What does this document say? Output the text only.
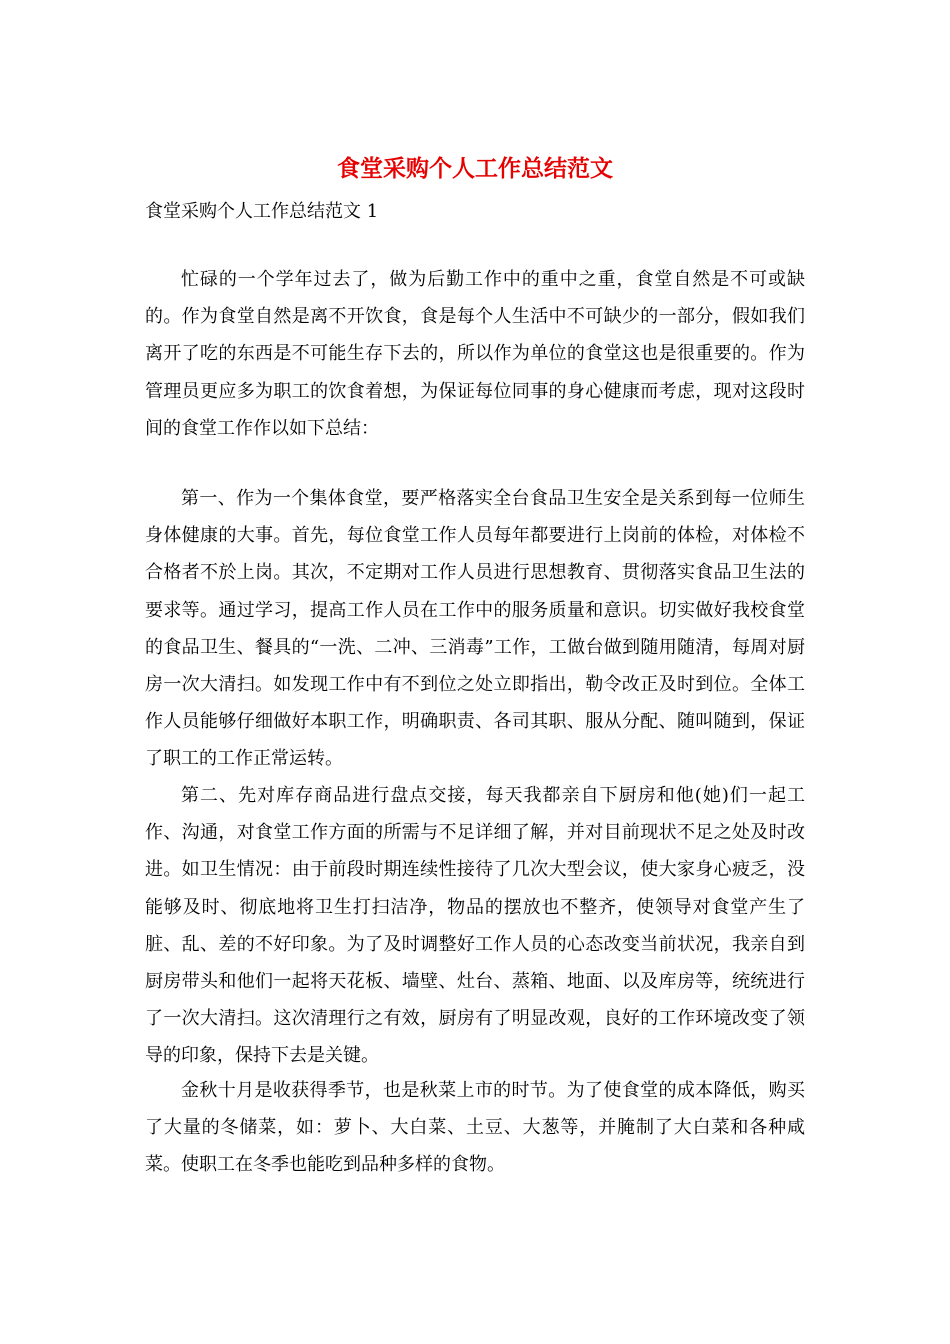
食堂采购个人工作总结范文

食堂采购个人工作总结范文 1

忙碌的一个学年过去了，做为后勤工作中的重中之重，食堂自然是不可或缺的。作为食堂自然是离不开饮食，食是每个人生活中不可缺少的一部分，假如我们离开了吃的东西是不可能生存下去的，所以作为单位的食堂这也是很重要的。作为管理员更应多为职工的饮食着想，为保证每位同事的身心健康而考虑，现对这段时间的食堂工作作以如下总结：

第一、作为一个集体食堂，要严格落实全台食品卫生安全是关系到每一位师生身体健康的大事。首先，每位食堂工作人员每年都要进行上岗前的体检，对体检不合格者不於上岗。其次，不定期对工作人员进行思想教育、贯彻落实食品卫生法的要求等。通过学习，提高工作人员在工作中的服务质量和意识。切实做好我校食堂的食品卫生、餐具的“一洗、二冲、三消毒”工作，工做台做到随用随清，每周对厨房一次大清扫。如发现工作中有不到位之处立即指出，勒令改正及时到位。全体工作人员能够仔细做好本职工作，明确职责、各司其职、服从分配、随叫随到，保证了职工的工作正常运转。

第二、先对库存商品进行盘点交接，每天我都亲自下厨房和他(她)们一起工作、沟通，对食堂工作方面的所需与不足详细了解，并对目前现状不足之处及时改进。如卫生情况：由于前段时期连续性接待了几次大型会议，使大家身心疲乏，没能够及时、彻底地将卫生打扫洁净，物品的摆放也不整齐，使领导对食堂产生了脏、乱、差的不好印象。为了及时调整好工作人员的心态改变当前状况，我亲自到厨房带头和他们一起将天花板、墙壁、灶台、蒸箱、地面、以及库房等，统统进行了一次大清扫。这次清理行之有效，厨房有了明显改观，良好的工作环境改变了领导的印象，保持下去是关键。

金秋十月是收获得季节，也是秋菜上市的时节。为了使食堂的成本降低，购买了大量的冬储菜，如：萝卜、大白菜、土豆、大葱等，并腌制了大白菜和各种咸菜。使职工在冬季也能吃到品种多样的食物。
